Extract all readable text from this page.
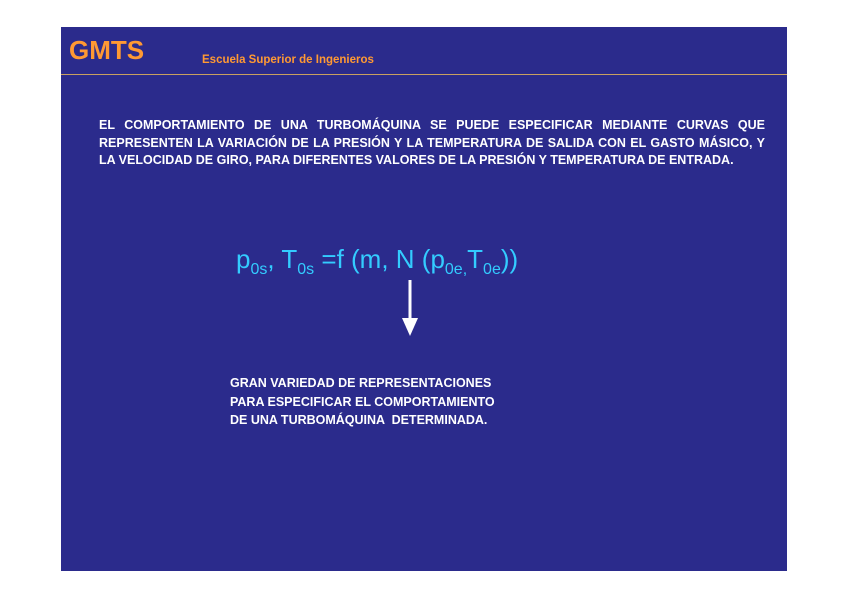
GMTS	Escuela Superior de Ingenieros

EL COMPORTAMIENTO DE UNA TURBOMÁQUINA SE PUEDE ESPECIFICAR MEDIANTE CURVAS QUE REPRESENTEN LA VARIACIÓN DE LA PRESIÓN Y LA TEMPERATURA DE SALIDA CON EL GASTO MÁSICO, Y LA VELOCIDAD DE GIRO, PARA DIFERENTES VALORES DE LA PRESIÓN Y TEMPERATURA DE ENTRADA.

$p_{0s}$, $T_{0s} =f$ (m, N $(p_{0e,}T_{0e})$)
GRAN VARIEDAD DE REPRESENTACIONES
PARA ESPECIFICAR EL COMPORTAMIENTO
DE UNA TURBOMÁQUINA  DETERMINADA.
